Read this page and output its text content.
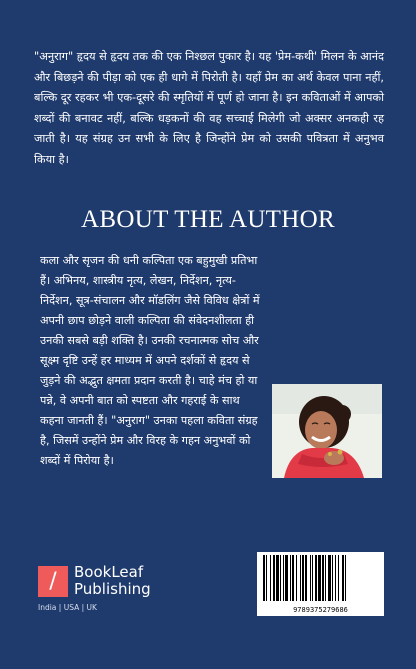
"अनुराग" हृदय से हृदय तक की एक निश्छल पुकार है। यह 'प्रेम-कथी' मिलन के आनंद और बिछड़ने की पीड़ा को एक ही धागे में पिरोती है। यहाँ प्रेम का अर्थ केवल पाना नहीं, बल्कि दूर रहकर भी एक-दूसरे की स्मृतियों में पूर्ण हो जाना है। इन कविताओं में आपको शब्दों की बनावट नहीं, बल्कि धड़कनों की वह सच्चाई मिलेगी जो अक्सर अनकही रह जाती है। यह संग्रह उन सभी के लिए है जिन्होंने प्रेम को उसकी पवित्रता में अनुभव किया है।

ABOUT THE AUTHOR

कला और सृजन की धनी कल्पिता एक बहुमुखी प्रतिभा हैं। अभिनय, शास्त्रीय नृत्य, लेखन, निर्देशन, नृत्य-निर्देशन, सूत्र-संचालन और मॉडलिंग जैसे विविध क्षेत्रों में अपनी छाप छोड़ने वाली कल्पिता की संवेदनशीलता ही उनकी सबसे बड़ी शक्ति है। उनकी रचनात्मक सोच और सूक्ष्म दृष्टि उन्हें हर माध्यम में अपने दर्शकों से हृदय से जुड़ने की अद्भुत क्षमता प्रदान करती है। चाहे मंच हो या पन्ने, वे अपनी बात को स्पष्टता और गहराई के साथ कहना जानती हैं। "अनुराग" उनका पहला कविता संग्रह है, जिसमें उन्होंने प्रेम और विरह के गहन अनुभवों को शब्दों में पिरोया है।

/	BookLeaf
Publishing
India | USA | UK	9789375279686
